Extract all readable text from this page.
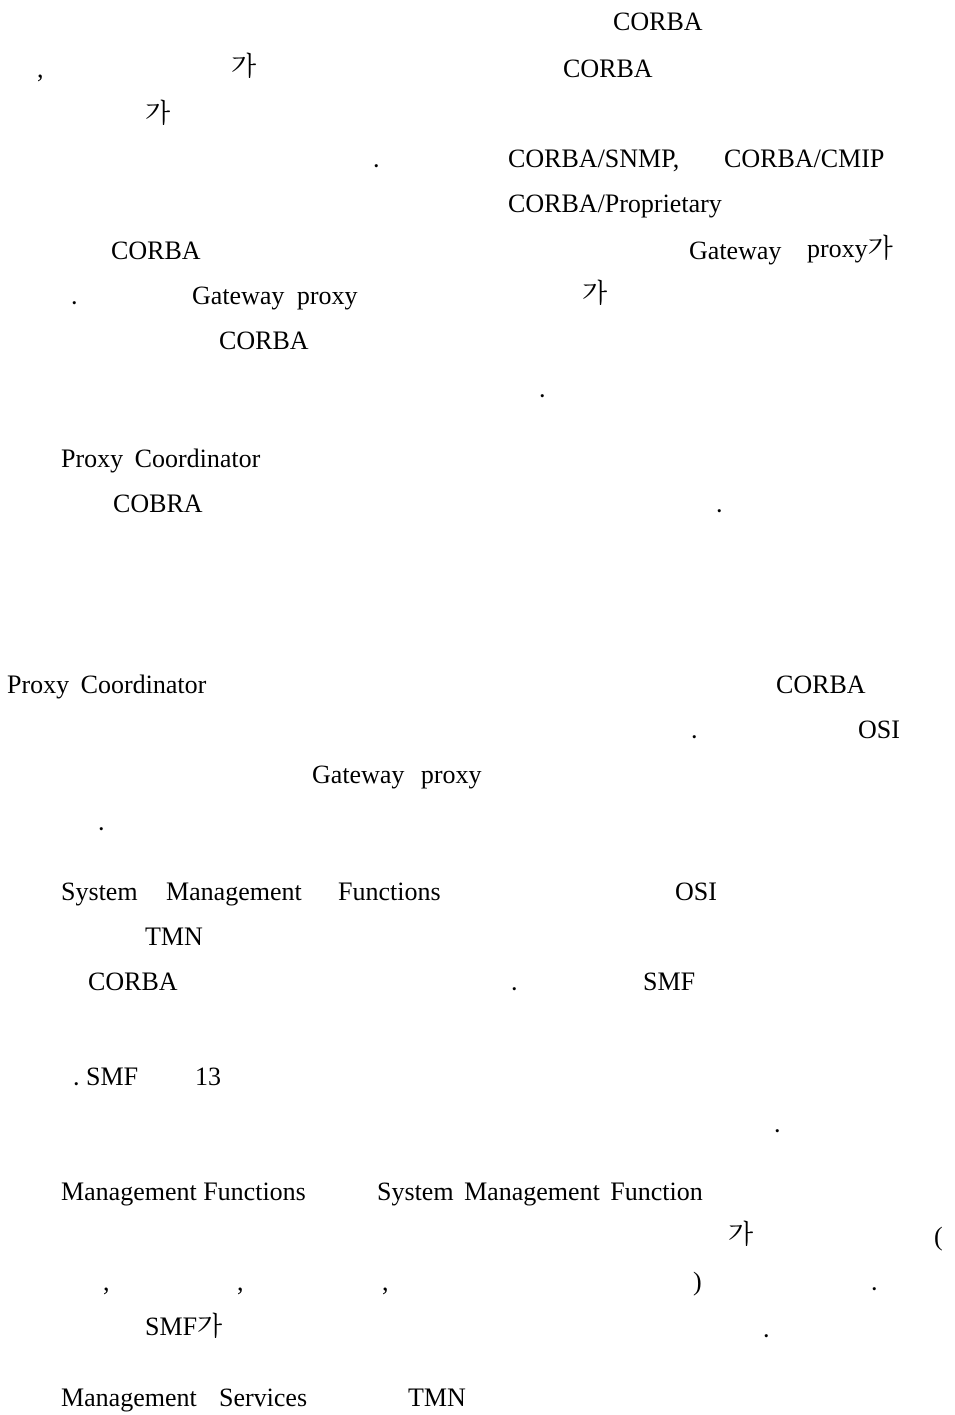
CORBA
,	가	CORBA
가
.	CORBA/SNMP, CORBA/CMIP
CORBA/Proprietary
CORBA	Gateway proxy가
.	Gateway proxy	가
CORBA
.
Proxy Coordinator
COBRA	.
Proxy Coordinator	CORBA
.	OSI
Gateway proxy
.
System Management Functions	OSI
TMN
CORBA	.	SMF
. SMF 13
.
Management Functions	System Management Function
가	(
,	,	,	)	.
SMF가	.
Management Services	TMN
